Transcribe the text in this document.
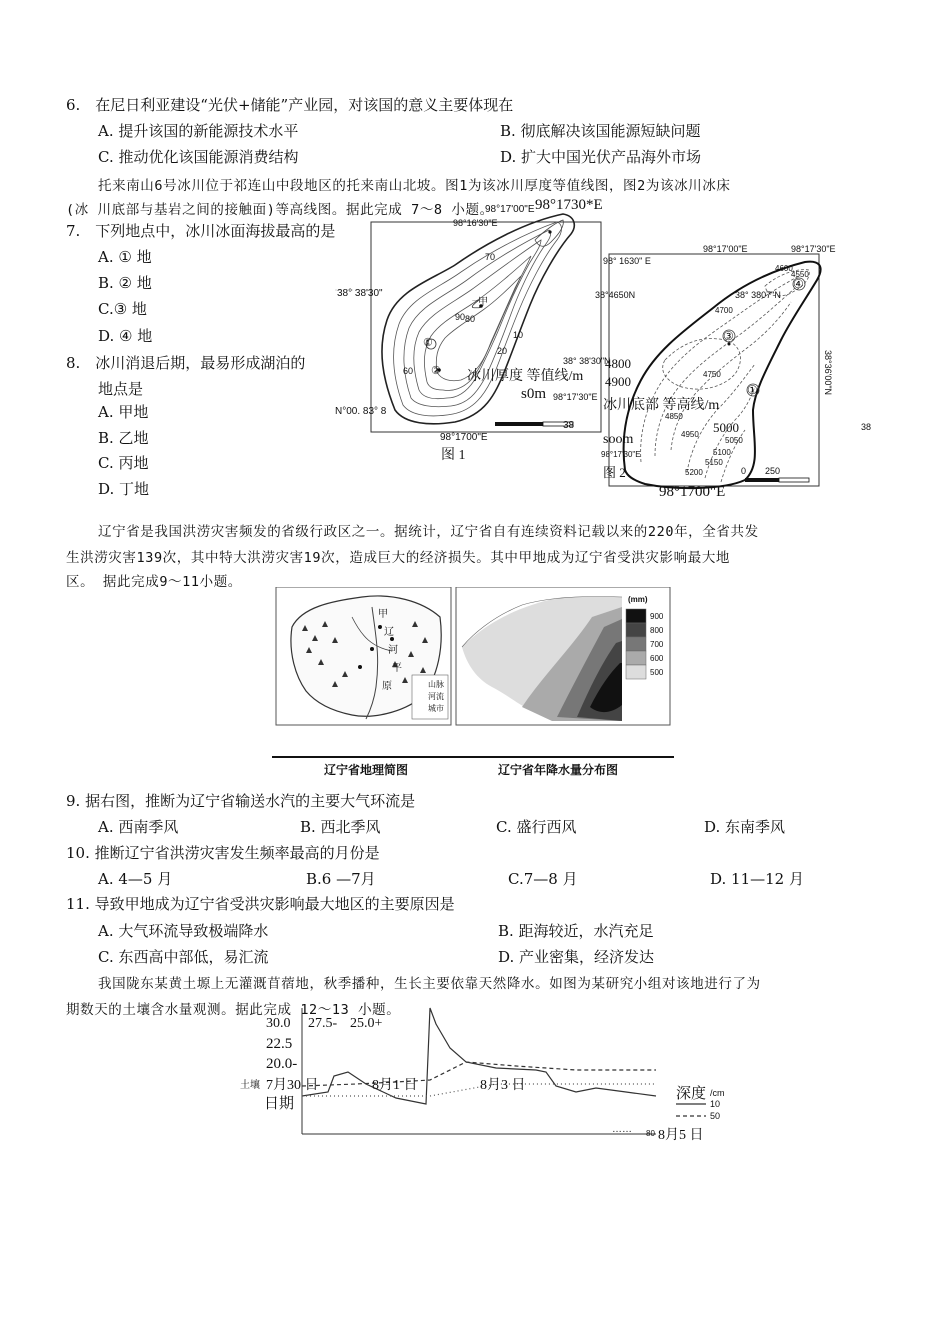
6.　在尼日利亚建设“光伏+储能”产业园，对该国的意义主要体现在
A. 提升该国的新能源技术水平	B. 彻底解决该国能源短缺问题
C. 推动优化该国能源消费结构	D. 扩大中国光伏产品海外市场
托来南山6号冰川位于祁连山中段地区的托来南山北坡。图1为该冰川厚度等值线图，图2为该冰川冰床
(冰 川底部与基岩之间的接触面)等高线图。据此完成 7～8 小题。
7.　下列地点中，冰川冰面海拔最高的是
A. ① 地
B. ② 地
C.③ 地
D. ④ 地
8.　冰川消退后期，最易形成湖泊的
地点是
A. 甲地
B. 乙地
C. 丙地
D. 丁地
98°17'00"E
98°16'30"E
98°1730*E
38° 38'30"
N°00. 83° 8
38° 38'30"N
98°1700"E
98°17'30"E
70
90 80
60
20
10
乙
甲
①
② 冰川厚度 等值线/m
s0m
38
图 1
98°17'00"E	98°17'30"E
98° 1630" E
38°4650N	38° 3807"N
38°36'00"N
4800
4900
5000
4600
4550
4700
4750
4850
4950
5050
5100
5150
5200
③
④
①
冰川底部 等高线/m
soom
98°17'30"E
图 2	0 250
38
98°1700"E
辽宁省是我国洪涝灾害频发的省级行政区之一。据统计，辽宁省自有连续资料记载以来的220年，全省共发
生洪涝灾害139次，其中特大洪涝灾害19次，造成巨大的经济损失。其中甲地成为辽宁省受洪灾影响最大地
区。 据此完成9～11小题。
甲
辽
河
平
原	山脉
河流
城市
(mm)
900
800
700
600
500
辽宁省地理简图	辽宁省年降水量分布图
9. 据右图，推断为辽宁省输送水汽的主要大气环流是
A. 西南季风	B. 西北季风	C. 盛行西风	D. 东南季风
10. 推断辽宁省洪涝灾害发生频率最高的月份是
A. 4—5 月	B.6 —7月	C.7—8 月	D. 11—12 月
11. 导致甲地成为辽宁省受洪灾影响最大地区的主要原因是
A. 大气环流导致极端降水	B. 距海较近，水汽充足
C. 东西高中部低，易汇流	D. 产业密集，经济发达
我国陇东某黄土塬上无灌溉苜蓿地，秋季播种，生长主要依靠天然降水。如图为某研究小组对该地进行了为
期数天的土壤含水量观测。据此完成 12～13 小题。
30.0 27.5- 25.0+
22.5
20.0-
土壤 7月30 日	8月1 日	8月3 日
日期
深度 /cm
10
50
…… 80 8月5 日
